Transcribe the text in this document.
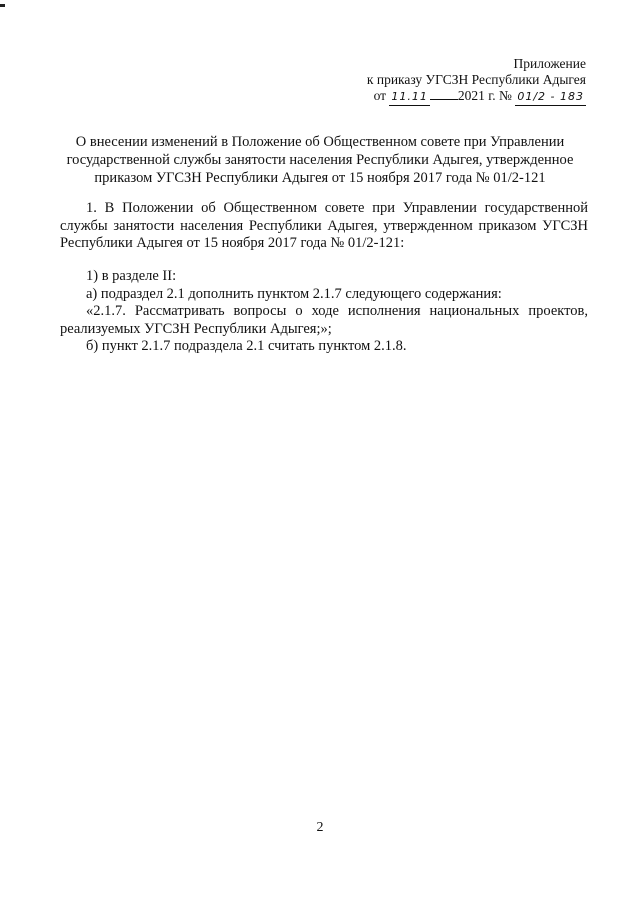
Приложение
к приказу УГСЗН Республики Адыгея
от 11.11 2021 г. № 01/2 - 183
О внесении изменений в Положение об Общественном совете при Управлении государственной службы занятости населения Республики Адыгея, утвержденное приказом УГСЗН Республики Адыгея от 15 ноября 2017 года № 01/2-121

1. В Положении об Общественном совете при Управлении государственной службы занятости населения Республики Адыгея, утвержденном приказом УГСЗН Республики Адыгея от 15 ноября 2017 года № 01/2-121:

1) в разделе II:

а) подраздел 2.1 дополнить пунктом 2.1.7 следующего содержания:

«2.1.7. Рассматривать вопросы о ходе исполнения национальных проектов, реализуемых УГСЗН Республики Адыгея;»;

б) пункт 2.1.7 подраздела 2.1 считать пунктом 2.1.8.

2
